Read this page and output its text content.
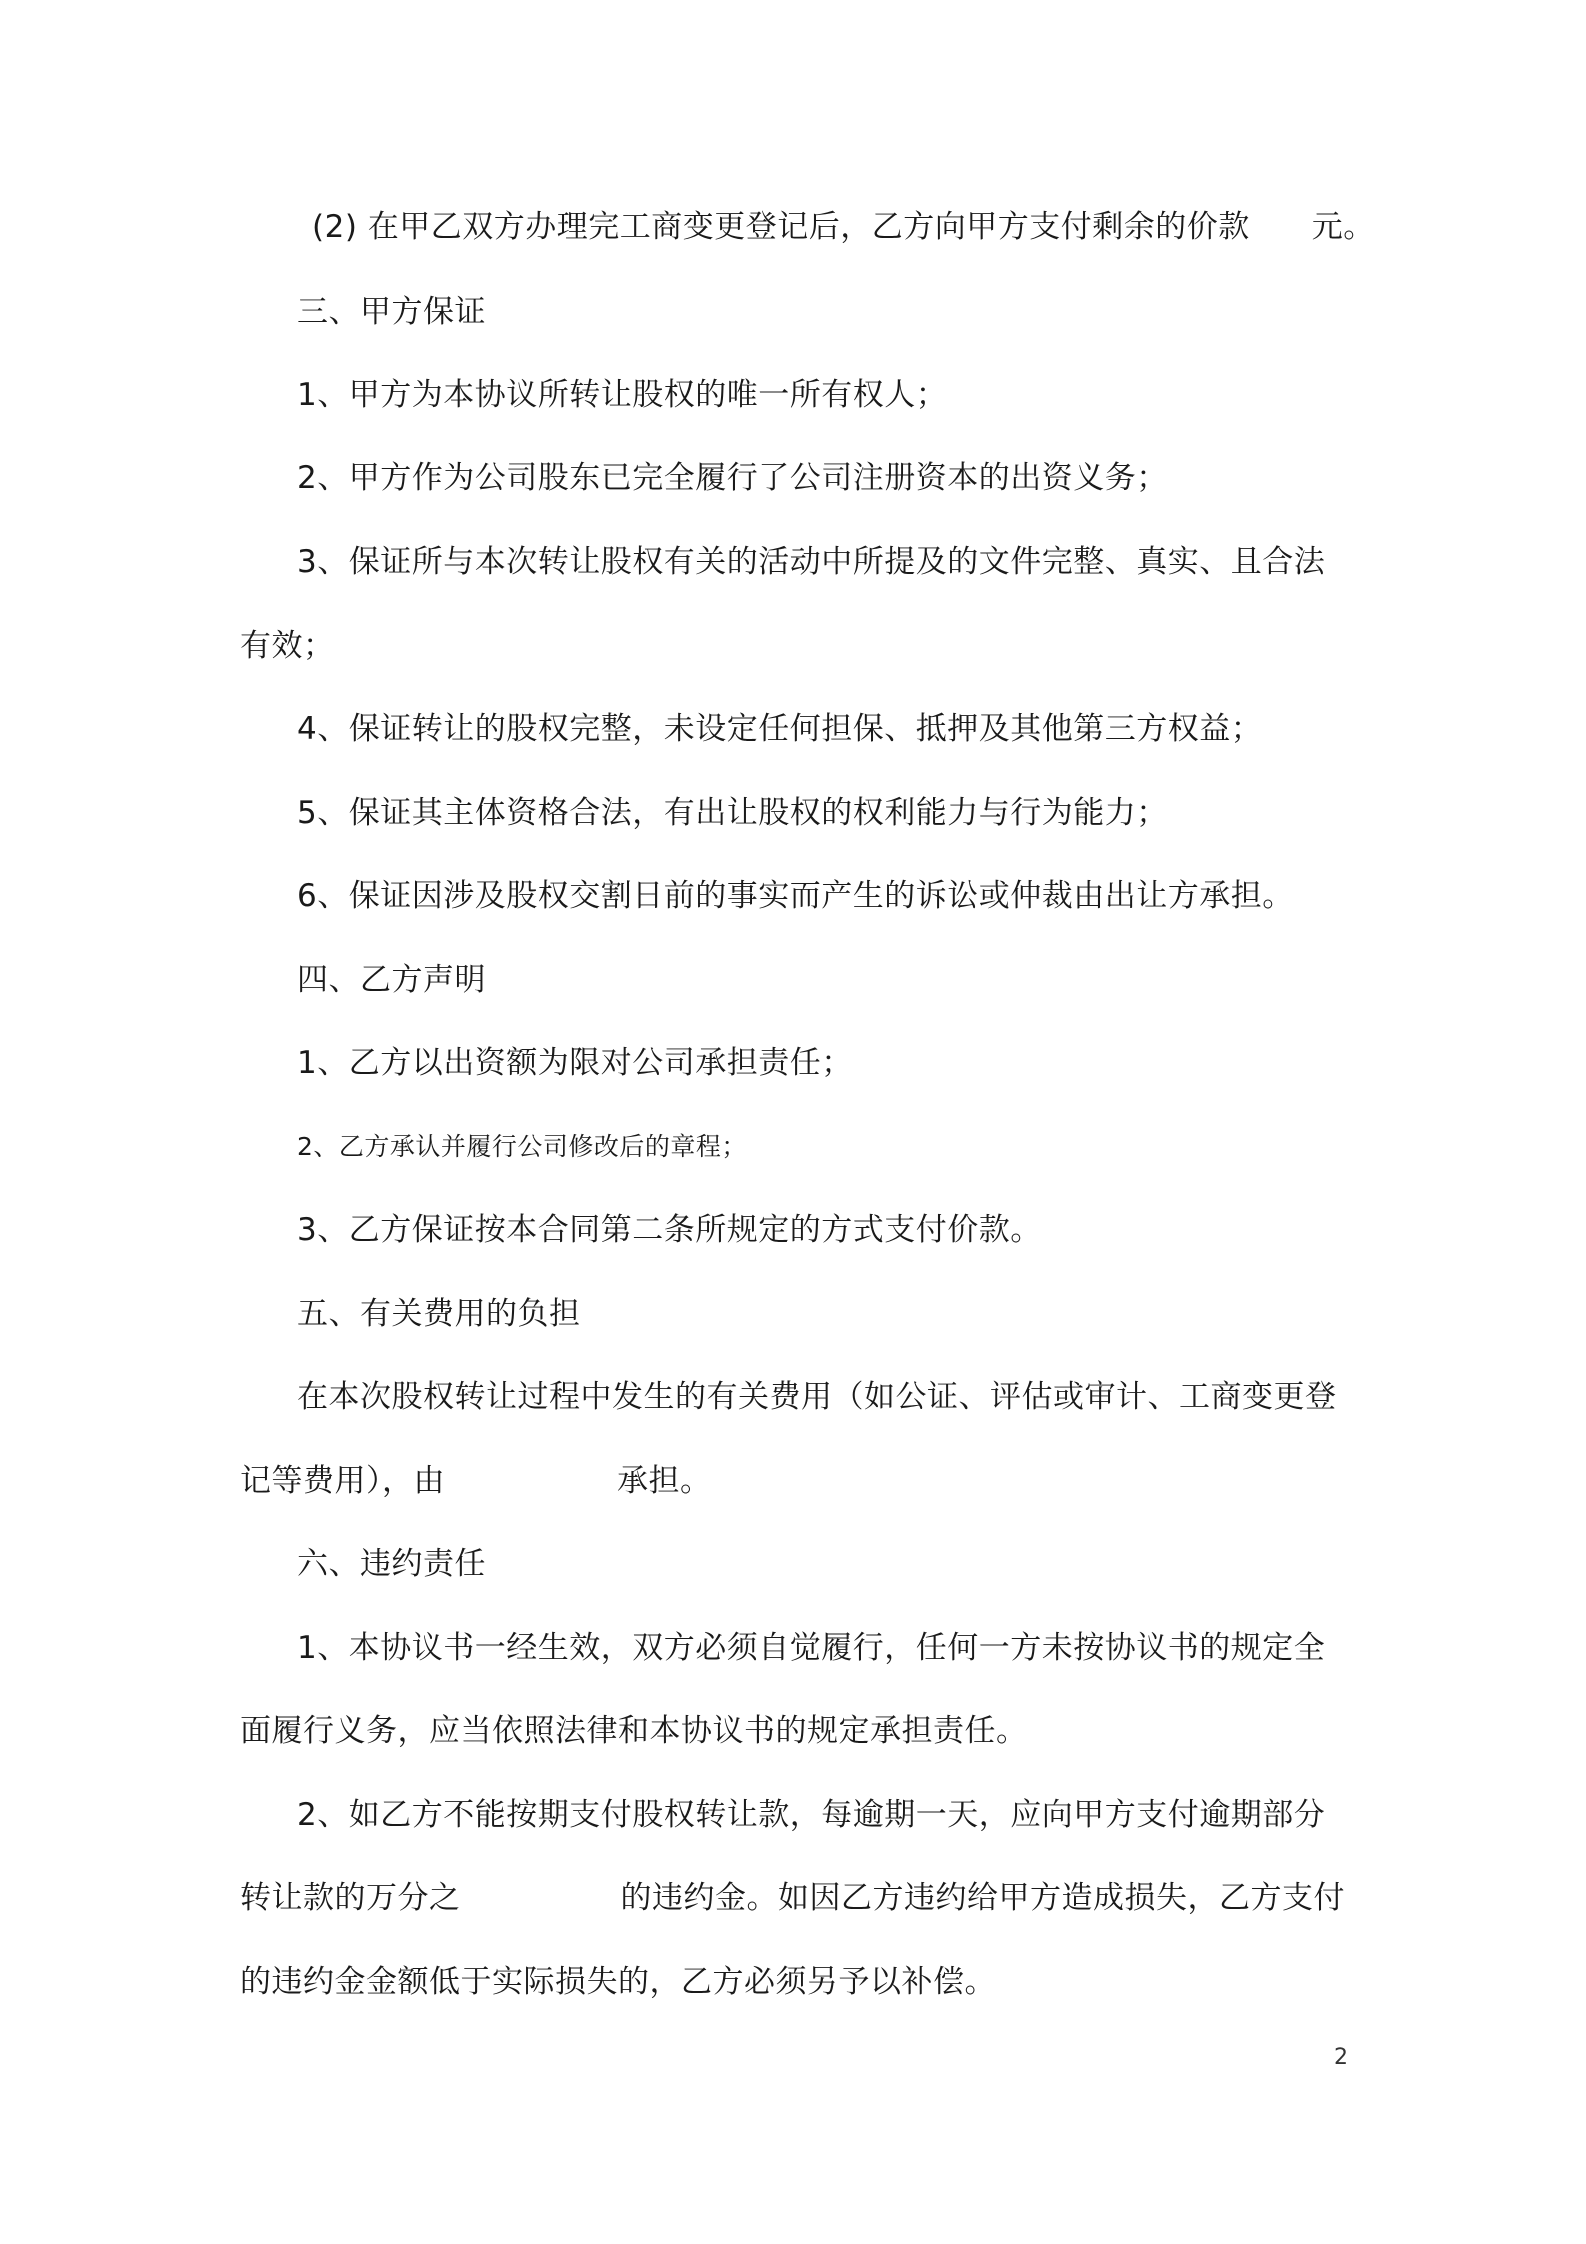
(2) 在甲乙双方办理完工商变更登记后，乙方向甲方支付剩余的价款 元。
三、甲方保证
1、甲方为本协议所转让股权的唯一所有权人；
2、甲方作为公司股东已完全履行了公司注册资本的出资义务；
3、保证所与本次转让股权有关的活动中所提及的文件完整、真实、且合法
有效；
4、保证转让的股权完整，未设定任何担保、抵押及其他第三方权益；
5、保证其主体资格合法，有出让股权的权利能力与行为能力；
6、保证因涉及股权交割日前的事实而产生的诉讼或仲裁由出让方承担。
四、乙方声明
1、乙方以出资额为限对公司承担责任；
2、乙方承认并履行公司修改后的章程；
3、乙方保证按本合同第二条所规定的方式支付价款。
五、有关费用的负担
在本次股权转让过程中发生的有关费用（如公证、评估或审计、工商变更登
记等费用），由	承担。
六、违约责任
1、本协议书一经生效，双方必须自觉履行，任何一方未按协议书的规定全
面履行义务，应当依照法律和本协议书的规定承担责任。
2、如乙方不能按期支付股权转让款，每逾期一天，应向甲方支付逾期部分
转让款的万分之	的违约金。如因乙方违约给甲方造成损失，乙方支付
的违约金金额低于实际损失的，乙方必须另予以补偿。
2
